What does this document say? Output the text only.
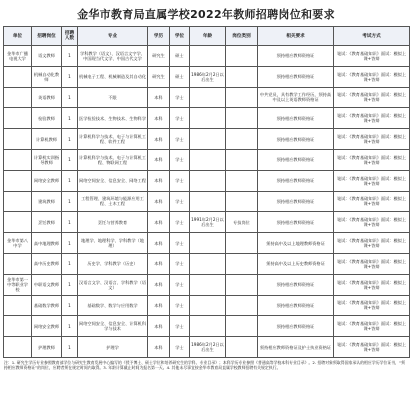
金华市教育局直属学校2022年教师招聘岗位和要求
单位	招聘岗位	招聘人数	专业	学历	学位	年龄	岗位类别	相关要求	考试方式
金华市广播电视大学	语文教师	1	学科教学（语文）、汉语言文字学、中国现当代文学、中国古代文学	研究生	硕士			须持相应教师资格证	笔试：《教育基础知识》面试：模拟上课+答辩
	机械自动化教师	1	机械电子工程、机械制造及其自动化	研究生	硕士	1986年2月2日以后出生		须持相应教师资格证	笔试：《教育基础知识》面试：模拟上课+答辩
	英语教师	1	不限	本科	学士			中共党员，具有教学工作经历，须持高中及以上英语教师资格证	笔试：《教育基础知识》面试：模拟上课+答辩
	检验教师	1	医学检验技术、生物技术、生物科学	本科	学士			须持相应教师资格证	笔试：《教育基础知识》面试：模拟上课+答辩
	计算机教师	1	计算机科学与技术、电子与计算机工程、软件工程	本科	学士			须持相应教师资格证	笔试：《教育基础知识》面试：模拟上课+答辩
	计算机实训指导教师	1	计算机科学与技术、电子与计算机工程、物联网工程	本科	学士			须持相应教师资格证	笔试：《教育基础知识》面试：模拟上课+答辩
	网络安全教师	1	网络空间安全、信息安全、网络工程	本科	学士			须持相应教师资格证	笔试：《教育基础知识》面试：模拟上课+答辩
	建筑教师	1	工程管理、建筑环境与能源应用工程、土木工程	本科	学士			须持相应教师资格证	笔试：《教育基础知识》面试：模拟上课+答辩
	烹饪教师	1	烹饪与营养教育	本科	学士	1991年2月2日以后出生	专技岗位	须持相应教师资格证	笔试：《教育基础知识》面试：模拟上课+答辩
金华市第八中学	高中地理教师	1	地理学、地理科学、学科教学（地理）	本科	学士			须持高中及以上地理教师资格证	笔试：《教育基础知识》面试：模拟上课+答辩
	高中历史教师	1	历史学、学科教学（历史）	本科	学士			须持高中及以上历史教师资格证	笔试：《教育基础知识》面试：模拟上课+答辩
金华市第一中等职业学校	中职语文教师	1	汉语言文学、汉语言、学科教学（语文）	本科	学士			须持相应教师资格证	笔试：《教育基础知识》面试：模拟上课+答辩
	基础数学教师	1	基础数学、数学与应用数学	本科	学士			须持相应教师资格证	笔试：《教育基础知识》面试：模拟上课+答辩
	网络安全教师	1	网络空间安全、信息安全、计算机科学与技术	本科	学士			须持相应教师资格证	笔试：《教育基础知识》面试：模拟上课+答辩
	护理教师	1	护理学	本科	学士	1986年2月2日以后出生		须持相应教师资格证及护士执业资格证	笔试：《教育基础知识》面试：模拟上课+答辩
注：1. 研究生学历专业参照教育部学位与研究生教育发展中心编写的《授予博士、硕士学位和培养研究生的学科、专业目录》；本科学历专业参照《普通高等学校本科专业目录》。2. 招聘对象须取得国家承认的相应学历学位证书，“须持相应教师资格证”的岗位，应聘者须在规定时间内取得。3. 年龄计算截止时间为报名第一天。4. 其他未尽事宜按金华市教育局直属学校教师招聘有关规定执行。
